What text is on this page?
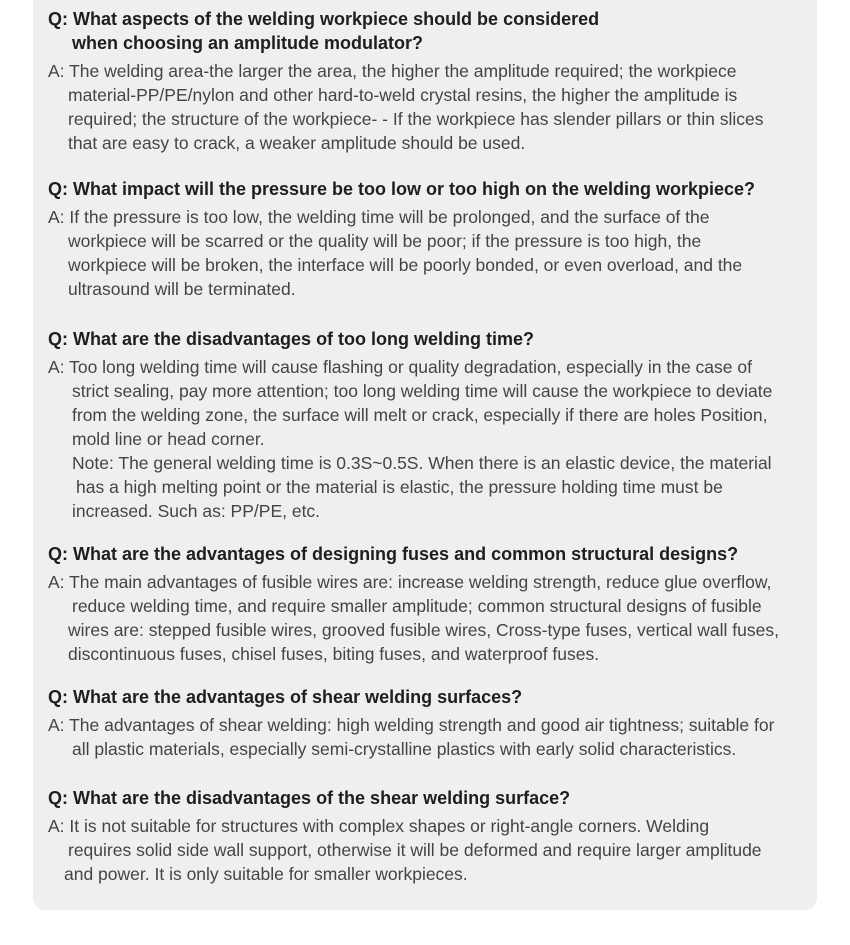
Q: What aspects of the welding workpiece should be considered
when choosing an amplitude modulator?
A: The welding area-the larger the area, the higher the amplitude required; the workpiece
material-PP/PE/nylon and other hard-to-weld crystal resins, the higher the amplitude is
required; the structure of the workpiece- - If the workpiece has slender pillars or thin slices
that are easy to crack, a weaker amplitude should be used.
Q: What impact will the pressure be too low or too high on the welding workpiece?
A: If the pressure is too low, the welding time will be prolonged, and the surface of the
workpiece will be scarred or the quality will be poor; if the pressure is too high, the
workpiece will be broken, the interface will be poorly bonded, or even overload, and the
ultrasound will be terminated.
Q: What are the disadvantages of too long welding time?
A: Too long welding time will cause flashing or quality degradation, especially in the case of
strict sealing, pay more attention; too long welding time will cause the workpiece to deviate
from the welding zone, the surface will melt or crack, especially if there are holes Position,
mold line or head corner.
Note: The general welding time is 0.3S~0.5S. When there is an elastic device, the material
has a high melting point or the material is elastic, the pressure holding time must be
increased. Such as: PP/PE, etc.
Q: What are the advantages of designing fuses and common structural designs?
A: The main advantages of fusible wires are: increase welding strength, reduce glue overflow,
reduce welding time, and require smaller amplitude; common structural designs of fusible
wires are: stepped fusible wires, grooved fusible wires, Cross-type fuses, vertical wall fuses,
discontinuous fuses, chisel fuses, biting fuses, and waterproof fuses.
Q: What are the advantages of shear welding surfaces?
A: The advantages of shear welding: high welding strength and good air tightness; suitable for
all plastic materials, especially semi-crystalline plastics with early solid characteristics.
Q: What are the disadvantages of the shear welding surface?
A: It is not suitable for structures with complex shapes or right-angle corners. Welding
requires solid side wall support, otherwise it will be deformed and require larger amplitude
and power. It is only suitable for smaller workpieces.
